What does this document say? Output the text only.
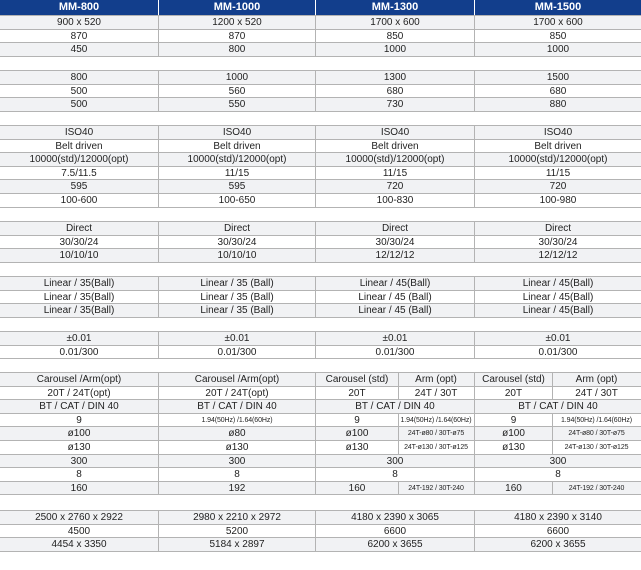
MM-800	MM-1000	MM-1300	MM-1500
900 x 520	1200 x 520	1700 x 600	1700 x 600
870	870	850	850
450	800	1000	1000
800	1000	1300	1500
500	560	680	680
500	550	730	880
ISO40	ISO40	ISO40	ISO40
Belt driven	Belt driven	Belt driven	Belt driven
10000(std)/12000(opt)	10000(std)/12000(opt)	10000(std)/12000(opt)	10000(std)/12000(opt)
7.5/11.5	11/15	11/15	11/15
595	595	720	720
100-600	100-650	100-830	100-980
Direct	Direct	Direct	Direct
30/30/24	30/30/24	30/30/24	30/30/24
10/10/10	10/10/10	12/12/12	12/12/12
Linear / 35(Ball)	Linear / 35 (Ball)	Linear / 45(Ball)	Linear / 45(Ball)
Linear / 35(Ball)	Linear / 35 (Ball)	Linear / 45 (Ball)	Linear / 45(Ball)
Linear / 35(Ball)	Linear / 35 (Ball)	Linear / 45 (Ball)	Linear / 45(Ball)
±0.01	±0.01	±0.01	±0.01
0.01/300	0.01/300	0.01/300	0.01/300
Carousel /Arm(opt)	Carousel /Arm(opt)	Carousel (std)	Arm (opt)	Carousel (std)	Arm (opt)
20T / 24T(opt)	20T / 24T(opt)	20T	24T / 30T	20T	24T / 30T
BT / CAT / DIN 40	BT / CAT / DIN 40	BT / CAT / DIN 40	BT / CAT / DIN 40
9	1.94(50Hz) /1.64(60Hz)	9	1.94(50Hz) /1.64(60Hz)	9	1.94(50Hz) /1.64(60Hz)
ø100	ø80	ø100	24T-ø80 / 30T-ø75	ø100	24T-ø80 / 30T-ø75
ø130	ø130	ø130	24T-ø130 / 30T-ø125	ø130	24T-ø130 / 30T-ø125
300	300	300	300
8	8	8	8
160	192	160	24T-192 / 30T-240	160	24T-192 / 30T-240
2500 x 2760 x 2922	2980 x 2210 x 2972	4180 x 2390 x 3065	4180 x 2390 x 3140
4500	5200	6600	6600
4454 x 3350	5184 x 2897	6200 x 3655	6200 x 3655
